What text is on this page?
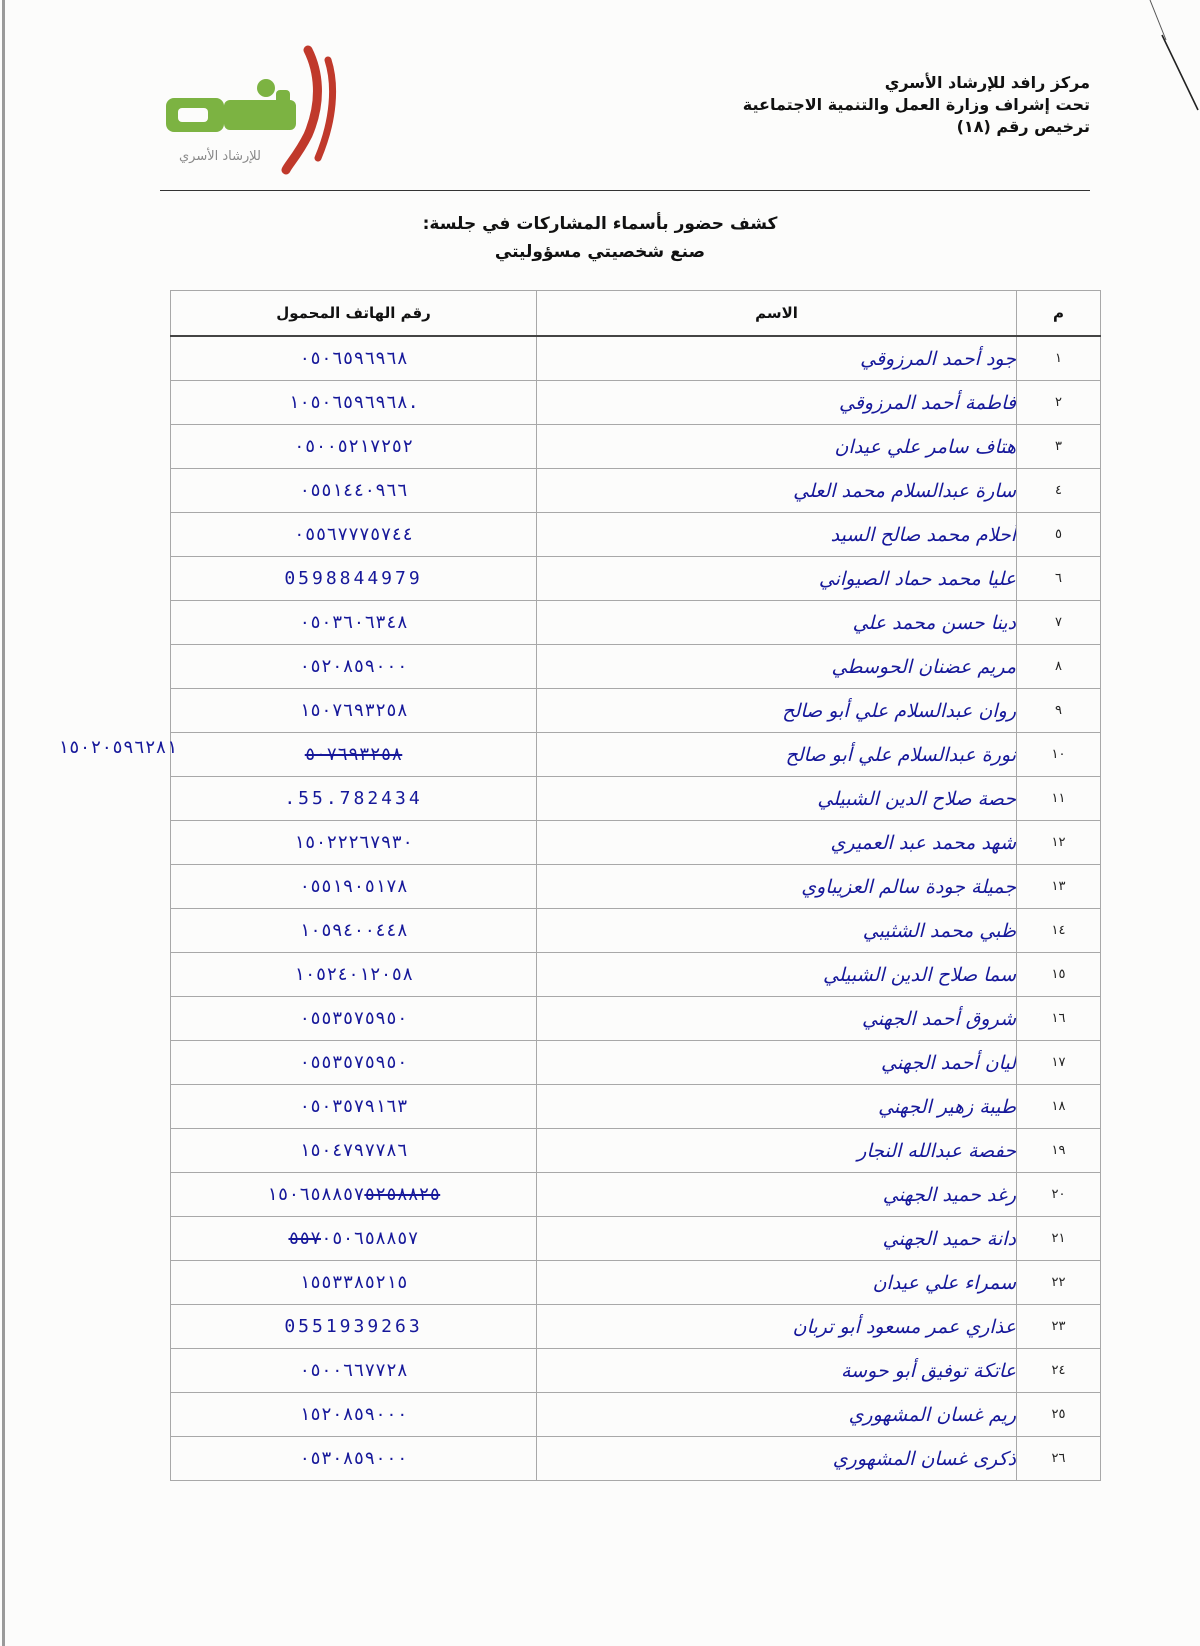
مركز رافد للإرشاد الأسري
تحت إشراف وزارة العمل والتنمية الاجتماعية
ترخيص رقم (١٨)
للإرشاد الأسري
كشف حضور بأسماء المشاركات في جلسة:
صنع شخصيتي مسؤوليتي
م	الاسم	رقم الهاتف المحمول
١	جود أحمد المرزوقي	٠٥٠٦٥٩٦٩٦٨
٢	فاطمة أحمد المرزوقي	١٠٥٠٦٥٩٦٩٦٨.
٣	هتاف سامر علي عيدان	٠٥٠٠٥٢١٧٢٥٢
٤	سارة عبدالسلام محمد العلي	٠٥٥١٤٤٠٩٦٦
٥	أحلام محمد صالح السيد	٠٥٥٦٧٧٧٥٧٤٤
٦	عليا محمد حماد الصيواني	0598844979
٧	دينا حسن محمد علي	٠٥٠٣٦٠٦٣٤٨
٨	مريم عضنان الحوسطي	٠٥٢٠٨٥٩٠٠٠
٩	روان عبدالسلام علي أبو صالح	١٥٠٧٦٩٣٢٥٨
١٠	نورة عبدالسلام علي أبو صالح	٥٠٧٦٩٣٢٥٨
١١	حصة صلاح الدين الشبيلي	.55.782434
١٢	شهد محمد عبد العميري	١٥٠٢٢٢٦٧٩٣٠
١٣	جميلة جودة سالم العزيباوي	٠٥٥١٩٠٥١٧٨
١٤	ظبي محمد الشثيبي	١٠٥٩٤٠٠٤٤٨
١٥	سما صلاح الدين الشبيلي	١٠٥٢٤٠١٢٠٥٨
١٦	شروق أحمد الجهني	٠٥٥٣٥٧٥٩٥٠
١٧	ليان أحمد الجهني	٠٥٥٣٥٧٥٩٥٠
١٨	طيبة زهير الجهني	٠٥٠٣٥٧٩١٦٣
١٩	حفصة عبدالله النجار	١٥٠٤٧٩٧٧٨٦
٢٠	رغد حميد الجهني	١٥٠٦٥٨٨٥٧٥٢٥٨٨٢٥
٢١	دانة حميد الجهني	٥٥٧٠٥٠٦٥٨٨٥٧
٢٢	سمراء علي عيدان	١٥٥٣٣٨٥٢١٥
٢٣	عذاري عمر مسعود أبو تربان	0551939263
٢٤	عاتكة توفيق أبو حوسة	٠٥٠٠٦٦٧٧٢٨
٢٥	ريم غسان المشهوري	١٥٢٠٨٥٩٠٠٠
٢٦	ذكرى غسان المشهوري	٠٥٣٠٨٥٩٠٠٠
١٥٠٢٠٥٩٦٢٨١
